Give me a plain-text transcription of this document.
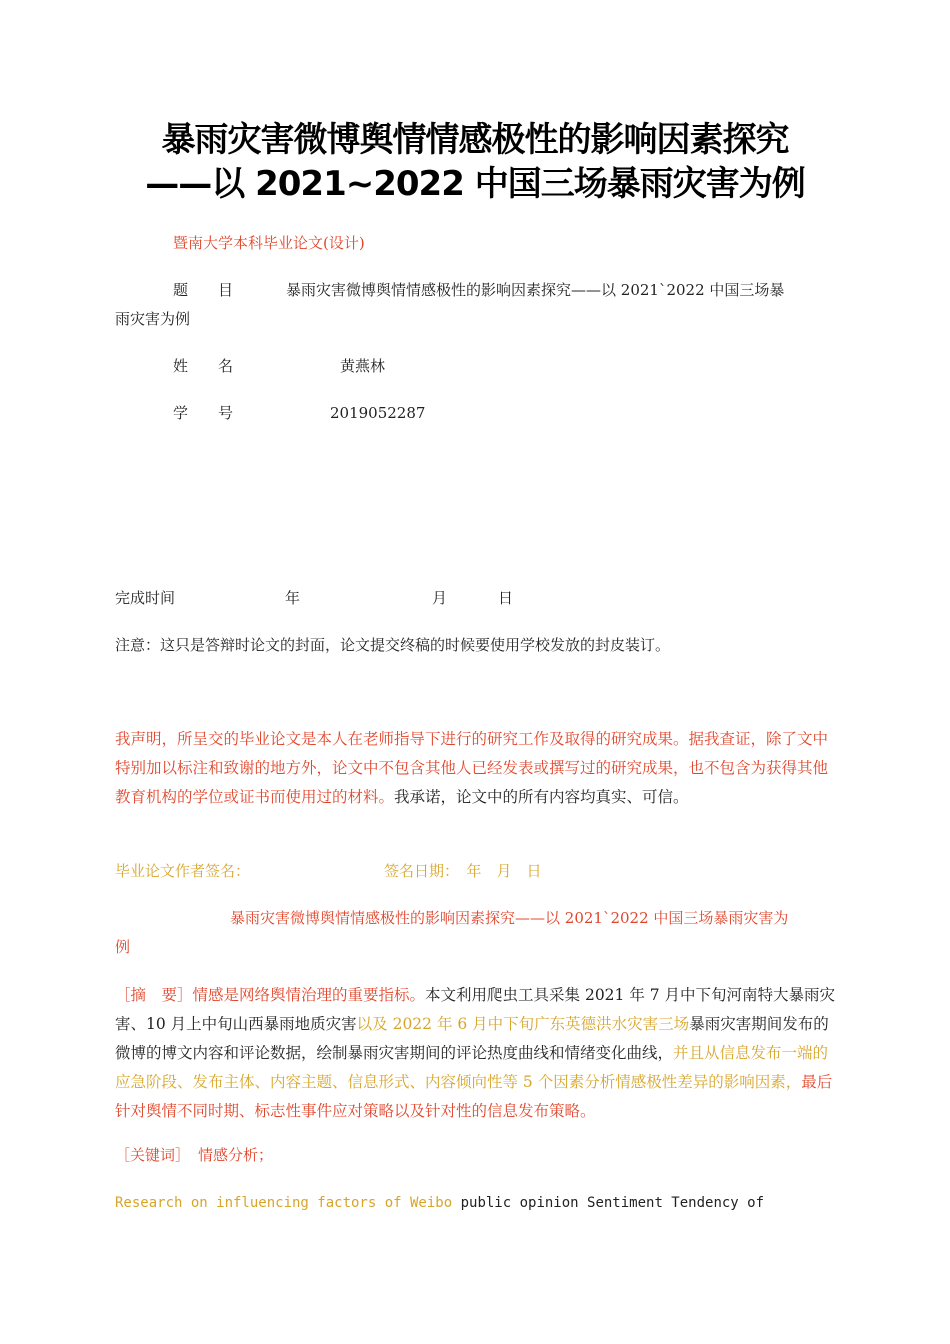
暴雨灾害微博舆情情感极性的影响因素探究
——以 2021~2022 中国三场暴雨灾害为例
暨南大学本科毕业论文(设计)
题　　目	暴雨灾害微博舆情情感极性的影响因素探究——以 2021`2022 中国三场暴
雨灾害为例
姓　　名	黄燕林
学　　号	2019052287
完成时间	年	月	日
注意：这只是答辩时论文的封面，论文提交终稿的时候要使用学校发放的封皮装订。
我声明，所呈交的毕业论文是本人在老师指导下进行的研究工作及取得的研究成果。据我查证，除了文中特别加以标注和致谢的地方外，论文中不包含其他人已经发表或撰写过的研究成果，也不包含为获得其他教育机构的学位或证书而使用过的材料。我承诺，论文中的所有内容均真实、可信。
毕业论文作者签名：	签名日期：　年　月　日
暴雨灾害微博舆情情感极性的影响因素探究——以 2021`2022 中国三场暴雨灾害为
例
［摘　要］情感是网络舆情治理的重要指标。本文利用爬虫工具采集 2021 年 7 月中下旬河南特大暴雨灾害、10 月上中旬山西暴雨地质灾害以及 2022 年 6 月中下旬广东英德洪水灾害三场暴雨灾害期间发布的微博的博文内容和评论数据，绘制暴雨灾害期间的评论热度曲线和情绪变化曲线，并且从信息发布一端的应急阶段、发布主体、内容主题、信息形式、内容倾向性等 5 个因素分析情感极性差异的影响因素，最后针对舆情不同时期、标志性事件应对策略以及针对性的信息发布策略。
［关键词］ 情感分析；
Research on influencing factors of Weibo public opinion Sentiment Tendency of
